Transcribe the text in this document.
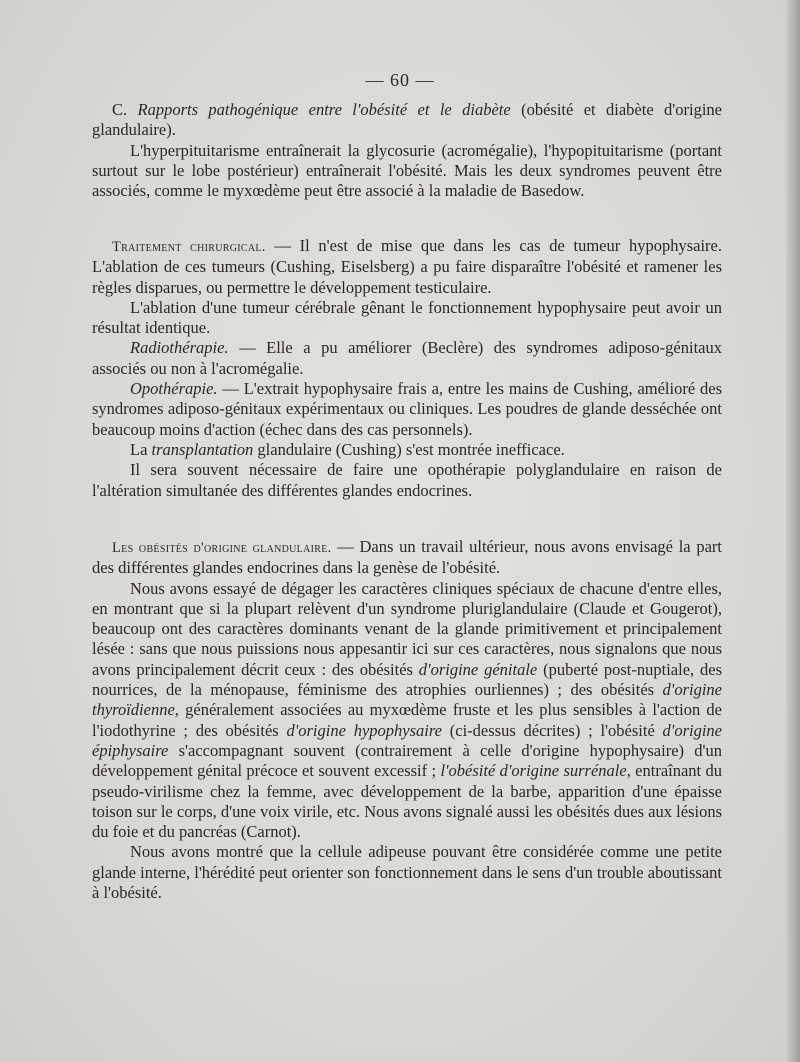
— 60 —

C. Rapports pathogénique entre l'obésité et le diabète (obésité et diabète d'origine glandulaire).

L'hyperpituitarisme entraînerait la glycosurie (acromégalie), l'hypopituitarisme (portant surtout sur le lobe postérieur) entraînerait l'obésité. Mais les deux syndromes peuvent être associés, comme le myxœdème peut être associé à la maladie de Basedow.

Traitement chirurgical. — Il n'est de mise que dans les cas de tumeur hypophysaire. L'ablation de ces tumeurs (Cushing, Eiselsberg) a pu faire disparaître l'obésité et ramener les règles disparues, ou permettre le développement testiculaire.

L'ablation d'une tumeur cérébrale gênant le fonctionnement hypophysaire peut avoir un résultat identique.

Radiothérapie. — Elle a pu améliorer (Beclère) des syndromes adiposo-génitaux associés ou non à l'acromégalie.

Opothérapie. — L'extrait hypophysaire frais a, entre les mains de Cushing, amélioré des syndromes adiposo-génitaux expérimentaux ou cliniques. Les poudres de glande desséchée ont beaucoup moins d'action (échec dans des cas personnels).

La transplantation glandulaire (Cushing) s'est montrée inefficace.

Il sera souvent nécessaire de faire une opothérapie polyglandulaire en raison de l'altération simultanée des différentes glandes endocrines.

Les obésités d'origine glandulaire. — Dans un travail ultérieur, nous avons envisagé la part des différentes glandes endocrines dans la genèse de l'obésité.

Nous avons essayé de dégager les caractères cliniques spéciaux de chacune d'entre elles, en montrant que si la plupart relèvent d'un syndrome pluriglandulaire (Claude et Gougerot), beaucoup ont des caractères dominants venant de la glande primitivement et principalement lésée : sans que nous puissions nous appesantir ici sur ces caractères, nous signalons que nous avons principalement décrit ceux : des obésités d'origine génitale (puberté post-nuptiale, des nourrices, de la ménopause, féminisme des atrophies ourliennes) ; des obésités d'origine thyroïdienne, généralement associées au myxœdème fruste et les plus sensibles à l'action de l'iodothyrine ; des obésités d'origine hypophysaire (ci-dessus décrites) ; l'obésité d'origine épiphysaire s'accompagnant souvent (contrairement à celle d'origine hypophysaire) d'un développement génital précoce et souvent excessif ; l'obésité d'origine surrénale, entraînant du pseudo-virilisme chez la femme, avec développement de la barbe, apparition d'une épaisse toison sur le corps, d'une voix virile, etc. Nous avons signalé aussi les obésités dues aux lésions du foie et du pancréas (Carnot).

Nous avons montré que la cellule adipeuse pouvant être considérée comme une petite glande interne, l'hérédité peut orienter son fonctionnement dans le sens d'un trouble aboutissant à l'obésité.
